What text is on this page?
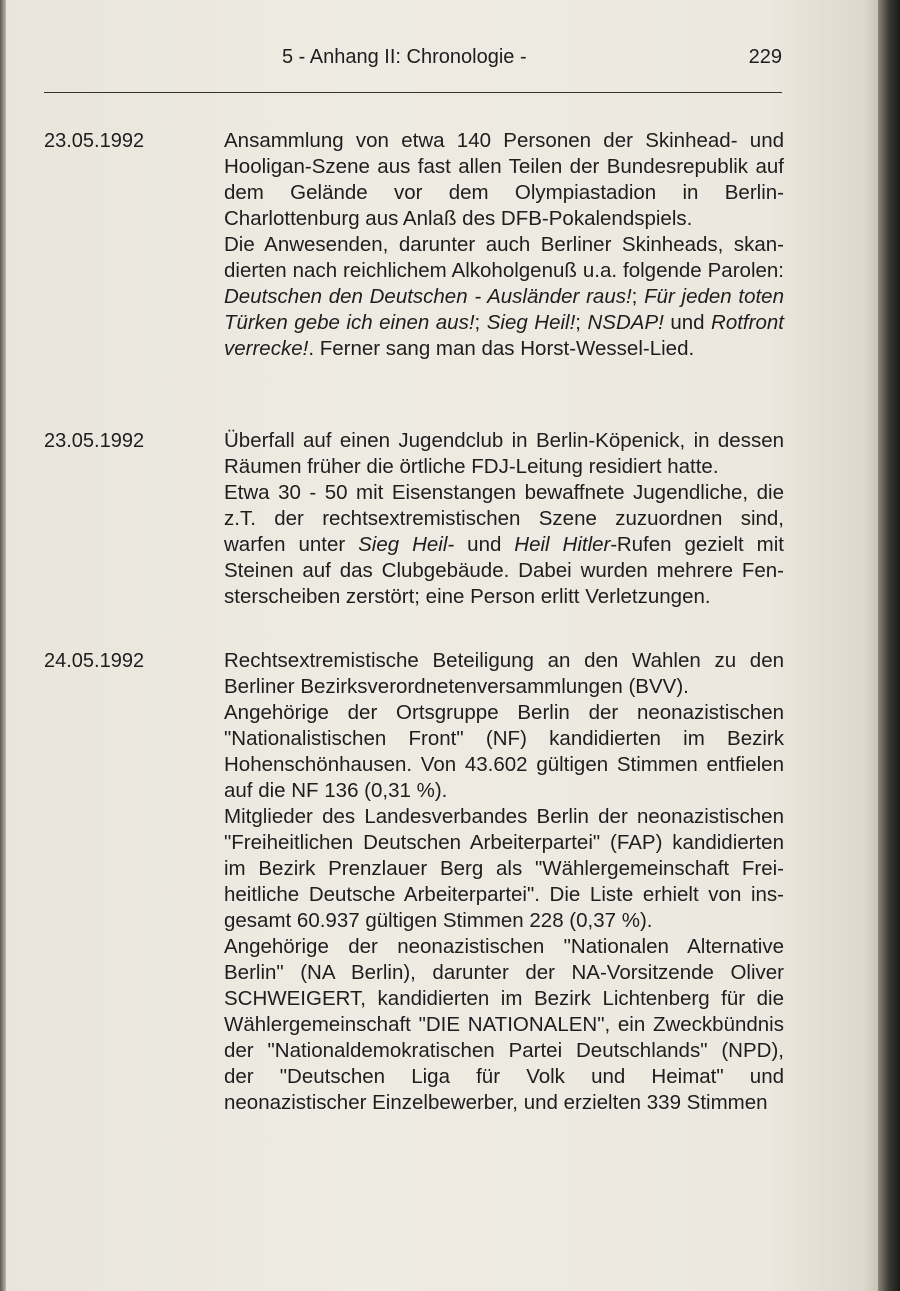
5 - Anhang II: Chronologie -	229
23.05.1992	Ansammlung von etwa 140 Personen der Skinhead- und Hooligan-Szene aus fast allen Teilen der Bundesrepublik auf dem Gelände vor dem Olympiastadion in Berlin-Charlottenburg aus Anlaß des DFB-Pokalendspiels.

Die Anwesenden, darunter auch Berliner Skinheads, skandierten nach reichlichem Alkoholgenuß u.a. folgende Parolen: Deutschen den Deutschen - Ausländer raus!; Für jeden toten Türken gebe ich einen aus!; Sieg Heil!; NSDAP! und Rotfront verrecke!. Ferner sang man das Horst-Wessel-Lied.

23.05.1992	Überfall auf einen Jugendclub in Berlin-Köpenick, in dessen Räumen früher die örtliche FDJ-Leitung residiert hatte.

Etwa 30 - 50 mit Eisenstangen bewaffnete Jugendliche, die z.T. der rechtsextremistischen Szene zuzuordnen sind, warfen unter Sieg Heil- und Heil Hitler-Rufen gezielt mit Steinen auf das Clubgebäude. Dabei wurden mehrere Fensterscheiben zerstört; eine Person erlitt Verletzungen.

24.05.1992	Rechtsextremistische Beteiligung an den Wahlen zu den Berliner Bezirksverordnetenversammlungen (BVV).

Angehörige der Ortsgruppe Berlin der neonazistischen "Nationalistischen Front" (NF) kandidierten im Bezirk Hohenschönhausen. Von 43.602 gültigen Stimmen entfielen auf die NF 136 (0,31 %).

Mitglieder des Landesverbandes Berlin der neonazistischen "Freiheitlichen Deutschen Arbeiterpartei" (FAP) kandidierten im Bezirk Prenzlauer Berg als "Wählergemeinschaft Freiheitliche Deutsche Arbeiterpartei". Die Liste erhielt von insgesamt 60.937 gültigen Stimmen 228 (0,37 %).

Angehörige der neonazistischen "Nationalen Alternative Berlin" (NA Berlin), darunter der NA-Vorsitzende Oliver SCHWEIGERT, kandidierten im Bezirk Lichtenberg für die Wählergemeinschaft "DIE NATIONALEN", ein Zweckbündnis der "Nationaldemokratischen Partei Deutschlands" (NPD), der "Deutschen Liga für Volk und Heimat" und neonazistischer Einzelbewerber, und erzielten 339 Stimmen
